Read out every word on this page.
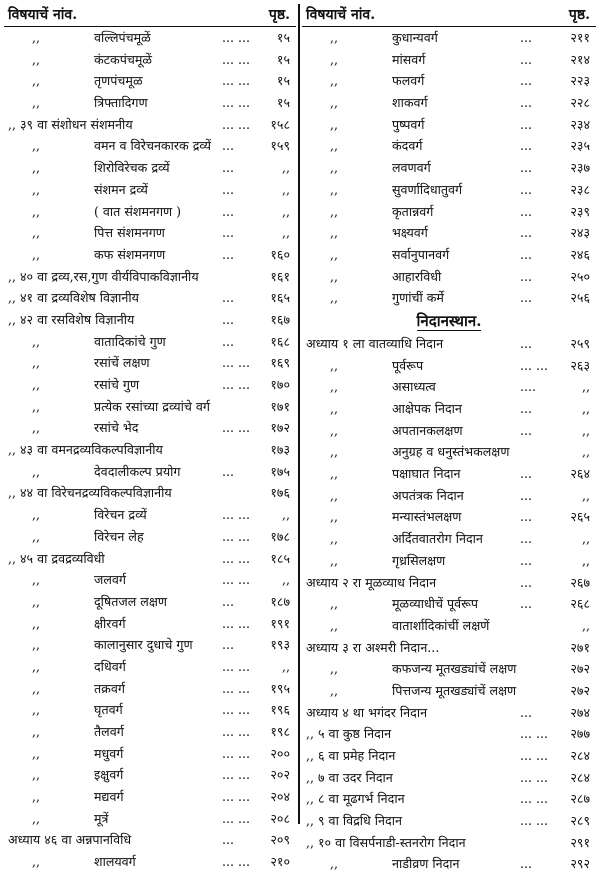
विषयाचें नांव.	पृष्ठ.
,,	वल्लिपंचमूळें	... ... १५
,,	कंटकपंचमूळें	... ... १५
,,	तृणपंचमूळ	... ... १५
,,	त्रिफ्तादिगण	... ... १५
,, ३९ वा संशोधन संशमनीय	... ... १५८
,,	वमन व विरेचनकारक द्रव्यें ...	१५९
,,	शिरोविरेचक द्रव्यें	...	,,
,,	संशमन द्रव्यें	...	,,
,,	( वात संशमनगण )	...	,,
,,	पित्त संशमनगण	...	,,
,,	कफ संशमनगण	...	१६०
,, ४० वा द्रव्य,रस,गुण वीर्यविपाकविज्ञानीय	१६१
,, ४१ वा द्रव्यविशेष विज्ञानीय	...	१६५
,, ४२ वा रसविशेष विज्ञानीय	...	१६७
,,	वातादिकांचे गुण	...	१६८
,,	रसांचें लक्षण	... ... १६९
,,	रसांचे गुण	... ... १७०
,,	प्रत्येक रसांच्या द्रव्यांचे वर्ग	१७१
,,	रसांचे भेद	... ... १७२
,, ४३ वा वमनद्रव्यविकल्पविज्ञानीय	१७३
,,	देवदालीकल्प प्रयोग	...	१७५
,, ४४ वा विरेचनद्रव्यविकल्पविज्ञानीय	१७६
,,	विरेचन द्रव्यें	... ...	,,
,,	विरेचन लेह	... ... १७८
,, ४५ वा द्रवद्रव्यविधी	... ... १८५
,,	जलवर्ग	... ...	,,
,,	दूषितजल लक्षण	...	१८७
,,	क्षीरवर्ग	... ... १९१
,,	कालानुसार दुधाचे गुण ...	१९३
,,	दधिवर्ग	... ...	,,
,,	तक्रवर्ग	... ... १९५
,,	घृतवर्ग	... ... १९६
,,	तैलवर्ग	... ... १९८
,,	मधुवर्ग	... ... २००
,,	इक्षुवर्ग	... ... २०२
,,	मद्यवर्ग	... ... २०४
,,	मूत्रें	... ... २०८
अध्याय ४६ वा अन्नपानविधि	...	२०९
,,	शालयवर्ग	... ... २१०
विषयाचें नांव.	पृष्ठ.
,,	कुधान्यवर्ग	...	२११
,,	मांसवर्ग	...	२१४
,,	फलवर्ग	...	२२३
,,	शाकवर्ग	...	२२८
,,	पुष्पवर्ग	...	२३४
,,	कंदवर्ग	...	२३५
,,	लवणवर्ग	...	२३७
,,	सुवर्णादिधातुवर्ग	...	२३८
,,	कृतान्नवर्ग	...	२३९
,,	भक्ष्यवर्ग	...	२४३
,,	सर्वानुपानवर्ग	...	२४६
,,	आहारविधी	...	२५०
,,	गुणांचीं कर्मे	...	२५६
निदानस्थान.
अध्याय १ ला वातव्याधि निदान	...	२५९
,,	पूर्वरूप	... ... २६३
,,	असाध्यत्व	....	,,
,,	आक्षेपक निदान	...	,,
,,	अपतानकलक्षण	...	,,
,,	अनुग्रह व धनुस्तंभकलक्षण	,,
,,	पक्षाघात निदान	...	२६४
,,	अपतंत्रक निदान	...	,,
,,	मन्यास्तंभलक्षण	...	२६५
,,	अर्दितवातरोग निदान	...	,,
,,	गृध्रसिलक्षण	...	,,
अध्याय २ रा मूळव्याध निदान	...	२६७
,,	मूळव्याधीचें पूर्वरूप	...	२६८
,,	वातार्शादिकांचीं लक्षणें	,,
अध्याय ३ रा अश्मरी निदान...	२७१
,,	कफजन्य मूतखड्यांचें लक्षण	२७२
,,	पित्तजन्य मूतखड्यांचें लक्षण	२७२
अध्याय ४ था भगंदर निदान	...	२७४
,, ५ वा कुष्ठ निदान	... ... २७७
,, ६ वा प्रमेह निदान	... ... २८४
,, ७ वा उदर निदान	... ... २८४
,, ८ वा मूढगर्भ निदान	... ... २८७
,, ९ वा विद्रधि निदान	... ... २८९
,, १० वा विसर्पनाडी-स्तनरोग निदान	२९१
,,	नाडीव्रण निदान	...	२९२
